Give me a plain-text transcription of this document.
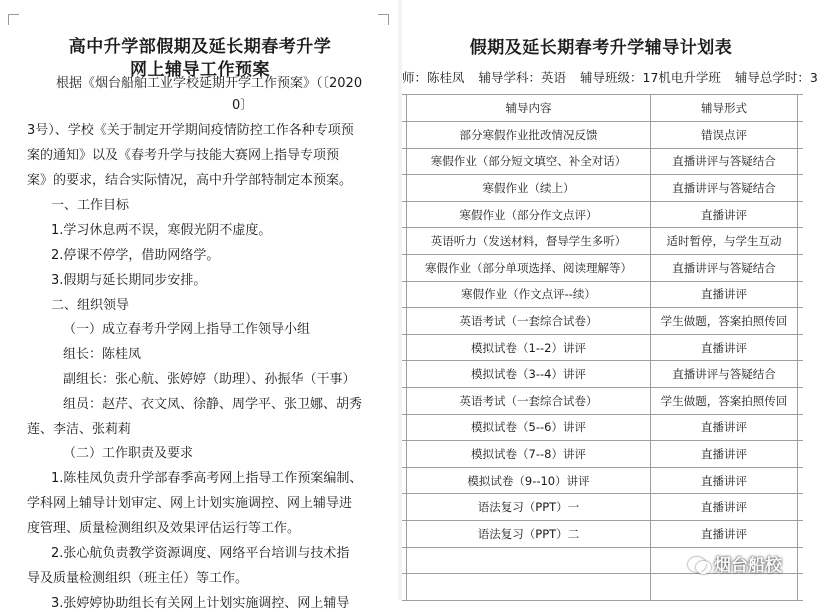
高中升学部假期及延长期春考升学
网上辅导工作预案
根据《烟台船舶工业学校延期开学工作预案》（〔2020
0〕
3号）、学校《关于制定开学期间疫情防控工作各种专项预
案的通知》以及《春考升学与技能大赛网上指导专项预
案》的要求，结合实际情况，高中升学部特制定本预案。
一、工作目标
1.学习休息两不误，寒假光阴不虚度。
2.停课不停学，借助网络学。
3.假期与延长期同步安排。
二、组织领导
（一）成立春考升学网上指导工作领导小组
组长：陈桂凤
副组长：张心航、张婷婷（助理）、孙振华（干事）
组员：赵芹、衣文凤、徐静、周学平、张卫娜、胡秀
莲、李洁、张莉莉
（二）工作职责及要求
1.陈桂凤负责升学部春季高考网上指导工作预案编制、
学科网上辅导计划审定、网上计划实施调控、网上辅导进
度管理、质量检测组织及效果评估运行等工作。
2.张心航负责教学资源调度、网络平台培训与技术指
导及质量检测组织（班主任）等工作。
3.张婷婷协助组长有关网上计划实施调控、网上辅导
假期及延长期春考升学辅导计划表
师：陈桂凤 辅导学科：英语 辅导班级：17机电升学班 辅导总学时：3
	辅导内容	辅导形式	
	部分寒假作业批改情况反馈	错误点评	
	寒假作业（部分短文填空、补全对话）	直播讲评与答疑结合	
	寒假作业（续上）	直播讲评与答疑结合	
	寒假作业（部分作文点评）	直播讲评	
	英语听力（发送材料，督导学生多听）	适时暂停，与学生互动	
	寒假作业（部分单项选择、阅读理解等）	直播讲评与答疑结合	
	寒假作业（作文点评--续）	直播讲评	
	英语考试（一套综合试卷）	学生做题，答案拍照传回	
	模拟试卷（1--2）讲评	直播讲评	
	模拟试卷（3--4）讲评	直播讲评与答疑结合	
	英语考试（一套综合试卷）	学生做题，答案拍照传回	
	模拟试卷（5--6）讲评	直播讲评	
	模拟试卷（7--8）讲评	直播讲评	
	模拟试卷（9--10）讲评	直播讲评	
	语法复习（PPT）一	直播讲评	
	语法复习（PPT）二	直播讲评	

烟台船校
